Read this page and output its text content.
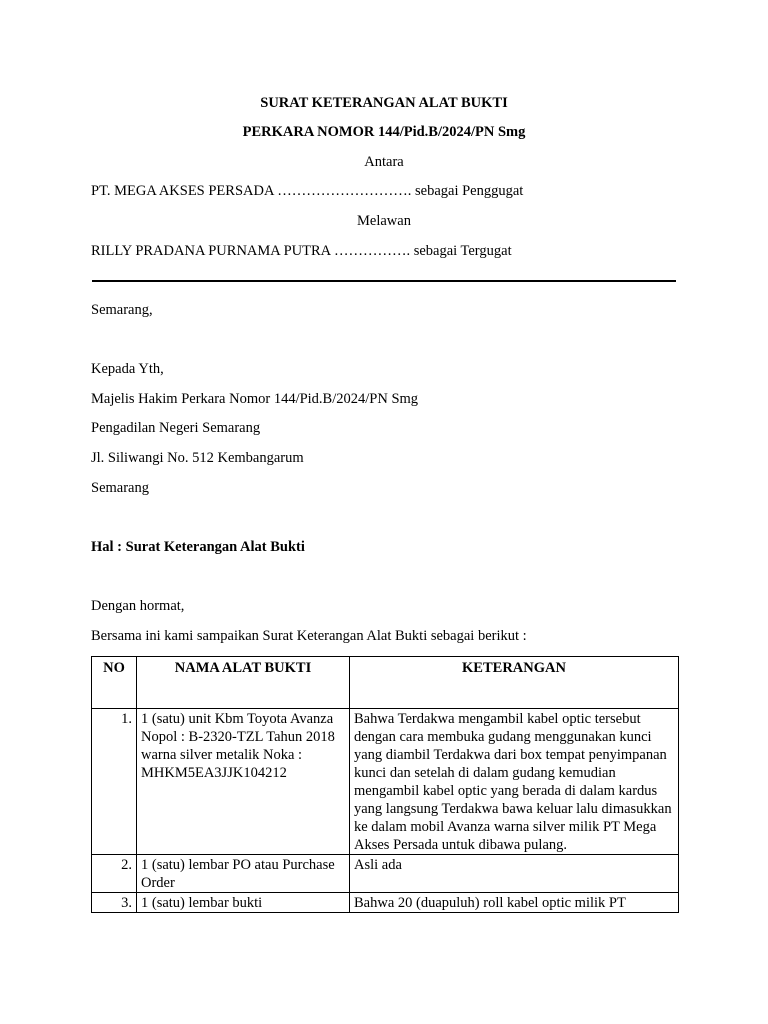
SURAT KETERANGAN ALAT BUKTI
PERKARA NOMOR 144/Pid.B/2024/PN Smg
Antara
PT. MEGA AKSES PERSADA ………………………. sebagai Penggugat
Melawan
RILLY PRADANA PURNAMA PUTRA ……………. sebagai Tergugat
Semarang,
Kepada Yth,
Majelis Hakim Perkara Nomor 144/Pid.B/2024/PN Smg
Pengadilan Negeri Semarang
Jl. Siliwangi No. 512 Kembangarum
Semarang
Hal : Surat Keterangan Alat Bukti
Dengan hormat,
Bersama ini kami sampaikan Surat Keterangan Alat Bukti sebagai berikut :
NO	NAMA ALAT BUKTI	KETERANGAN
1.	1 (satu) unit Kbm Toyota Avanza Nopol : B-2320-TZL Tahun 2018 warna silver metalik Noka : MHKM5EA3JJK104212	Bahwa Terdakwa mengambil kabel optic tersebut dengan cara membuka gudang menggunakan kunci yang diambil Terdakwa dari box tempat penyimpanan kunci dan setelah di dalam gudang kemudian mengambil kabel optic yang berada di dalam kardus yang langsung Terdakwa bawa keluar lalu dimasukkan ke dalam mobil Avanza warna silver milik PT Mega Akses Persada untuk dibawa pulang.
2.	1 (satu) lembar PO atau Purchase Order	Asli ada
3.	1 (satu) lembar bukti	Bahwa 20 (duapuluh) roll kabel optic milik PT
